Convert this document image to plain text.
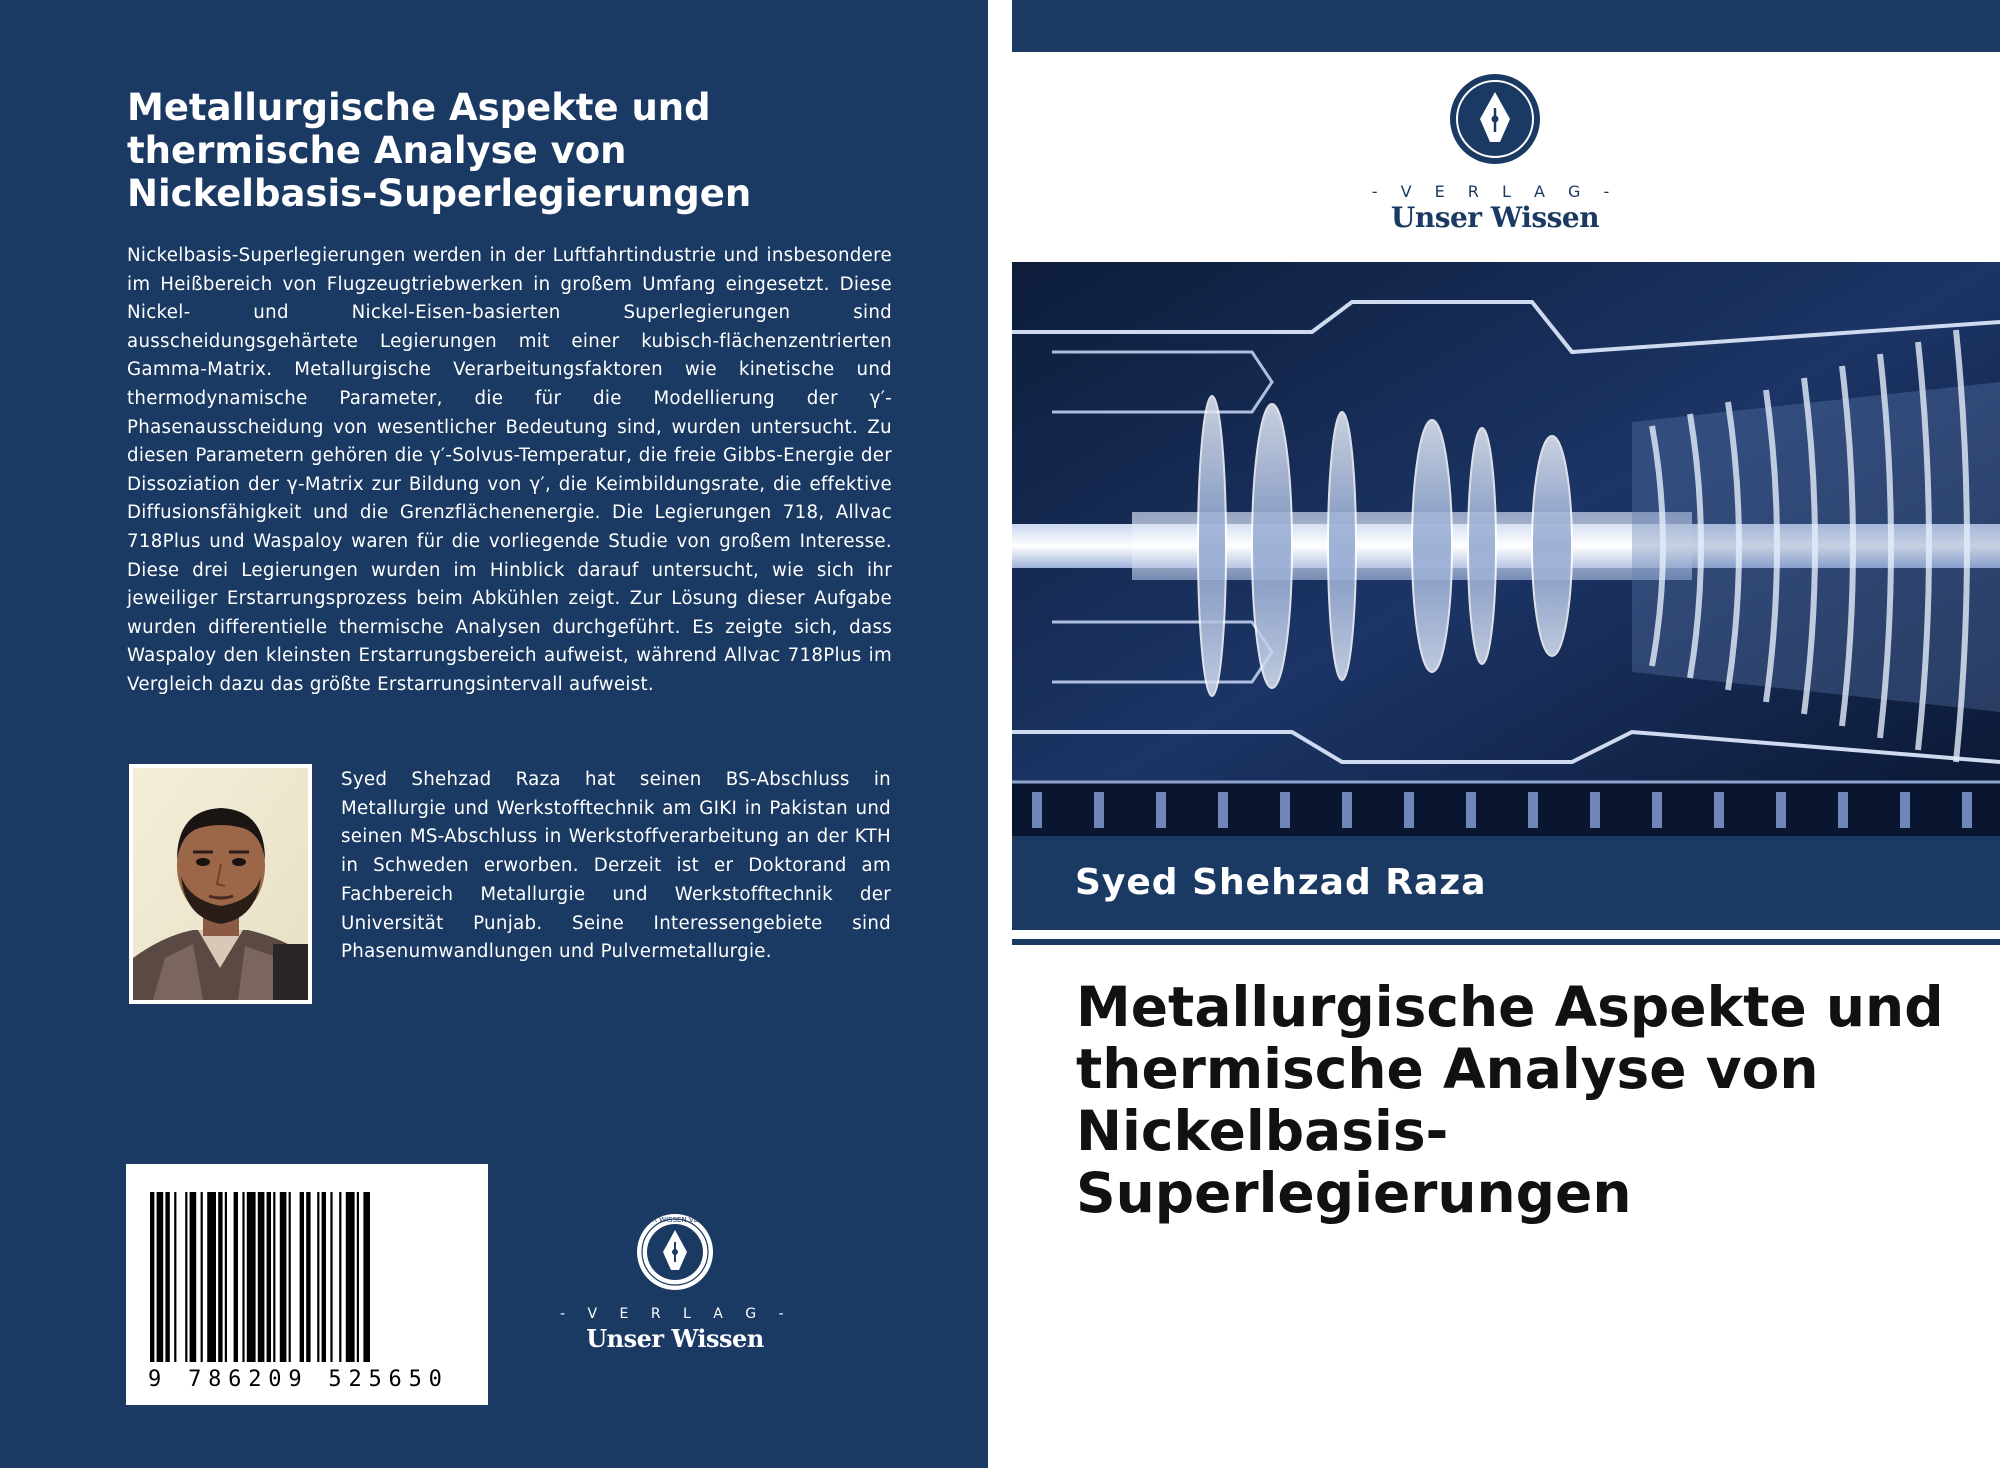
Metallurgische Aspekte und thermische Analyse von Nickelbasis-Superlegierungen

Nickelbasis-Superlegierungen werden in der Luftfahrtindustrie und insbesondere im Heißbereich von Flugzeugtriebwerken in großem Umfang eingesetzt. Diese Nickel- und Nickel-Eisen-basierten Superlegierungen sind ausscheidungsgehärtete Legierungen mit einer kubisch-flächenzentrierten Gamma-Matrix. Metallurgische Verarbeitungsfaktoren wie kinetische und thermodynamische Parameter, die für die Modellierung der γ′-Phasenausscheidung von wesentlicher Bedeutung sind, wurden untersucht. Zu diesen Parametern gehören die γ′-Solvus-Temperatur, die freie Gibbs-Energie der Dissoziation der γ-Matrix zur Bildung von γ′, die Keimbildungsrate, die effektive Diffusionsfähigkeit und die Grenzflächenenergie. Die Legierungen 718, Allvac 718Plus und Waspaloy waren für die vorliegende Studie von großem Interesse. Diese drei Legierungen wurden im Hinblick darauf untersucht, wie sich ihr jeweiliger Erstarrungsprozess beim Abkühlen zeigt. Zur Lösung dieser Aufgabe wurden differentielle thermische Analysen durchgeführt. Es zeigte sich, dass Waspaloy den kleinsten Erstarrungsbereich aufweist, während Allvac 718Plus im Vergleich dazu das größte Erstarrungsintervall aufweist.

Syed Shehzad Raza hat seinen BS-Abschluss in Metallurgie und Werkstofftechnik am GIKI in Pakistan und seinen MS-Abschluss in Werkstoffverarbeitung an der KTH in Schweden erworben. Derzeit ist er Doktorand am Fachbereich Metallurgie und Werkstofftechnik der Universität Punjab. Seine Interessengebiete sind Phasenumwandlungen und Pulvermetallurgie.

9 786209 525650
UNSER WISSEN VERLAG
- V E R L A G -
Unser Wissen
- V E R L A G -
Unser Wissen
Syed Shehzad Raza
Metallurgische Aspekte und thermische Analyse von Nickelbasis-Superlegierungen
